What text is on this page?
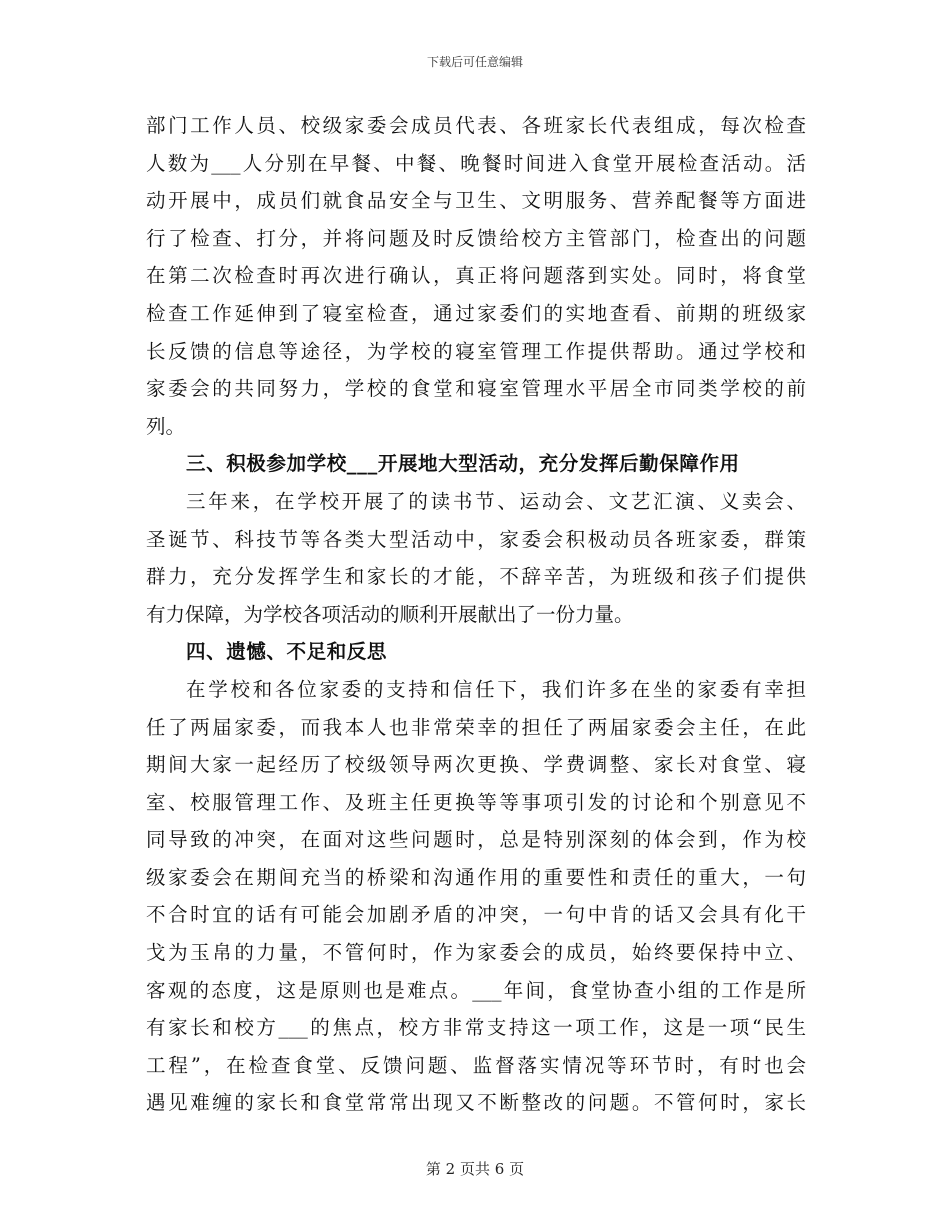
下载后可任意编辑
部门工作人员、校级家委会成员代表、各班家长代表组成，每次检查
人数为___人分别在早餐、中餐、晚餐时间进入食堂开展检查活动。活
动开展中，成员们就食品安全与卫生、文明服务、营养配餐等方面进
行了检查、打分，并将问题及时反馈给校方主管部门，检查出的问题
在第二次检查时再次进行确认，真正将问题落到实处。同时，将食堂
检查工作延伸到了寝室检查，通过家委们的实地查看、前期的班级家
长反馈的信息等途径，为学校的寝室管理工作提供帮助。通过学校和
家委会的共同努力，学校的食堂和寝室管理水平居全市同类学校的前
列。
三、积极参加学校___开展地大型活动，充分发挥后勤保障作用
三年来，在学校开展了的读书节、运动会、文艺汇演、义卖会、
圣诞节、科技节等各类大型活动中，家委会积极动员各班家委，群策
群力，充分发挥学生和家长的才能，不辞辛苦，为班级和孩子们提供
有力保障，为学校各项活动的顺利开展献出了一份力量。
四、遗憾、不足和反思
在学校和各位家委的支持和信任下，我们许多在坐的家委有幸担
任了两届家委，而我本人也非常荣幸的担任了两届家委会主任，在此
期间大家一起经历了校级领导两次更换、学费调整、家长对食堂、寝
室、校服管理工作、及班主任更换等等事项引发的讨论和个别意见不
同导致的冲突，在面对这些问题时，总是特别深刻的体会到，作为校
级家委会在期间充当的桥梁和沟通作用的重要性和责任的重大，一句
不合时宜的话有可能会加剧矛盾的冲突，一句中肯的话又会具有化干
戈为玉帛的力量，不管何时，作为家委会的成员，始终要保持中立、
客观的态度，这是原则也是难点。___年间，食堂协查小组的工作是所
有家长和校方___的焦点，校方非常支持这一项工作，这是一项“民生
工程”，在检查食堂、反馈问题、监督落实情况等环节时，有时也会
遇见难缠的家长和食堂常常出现又不断整改的问题。不管何时，家长
第 2 页共 6 页
